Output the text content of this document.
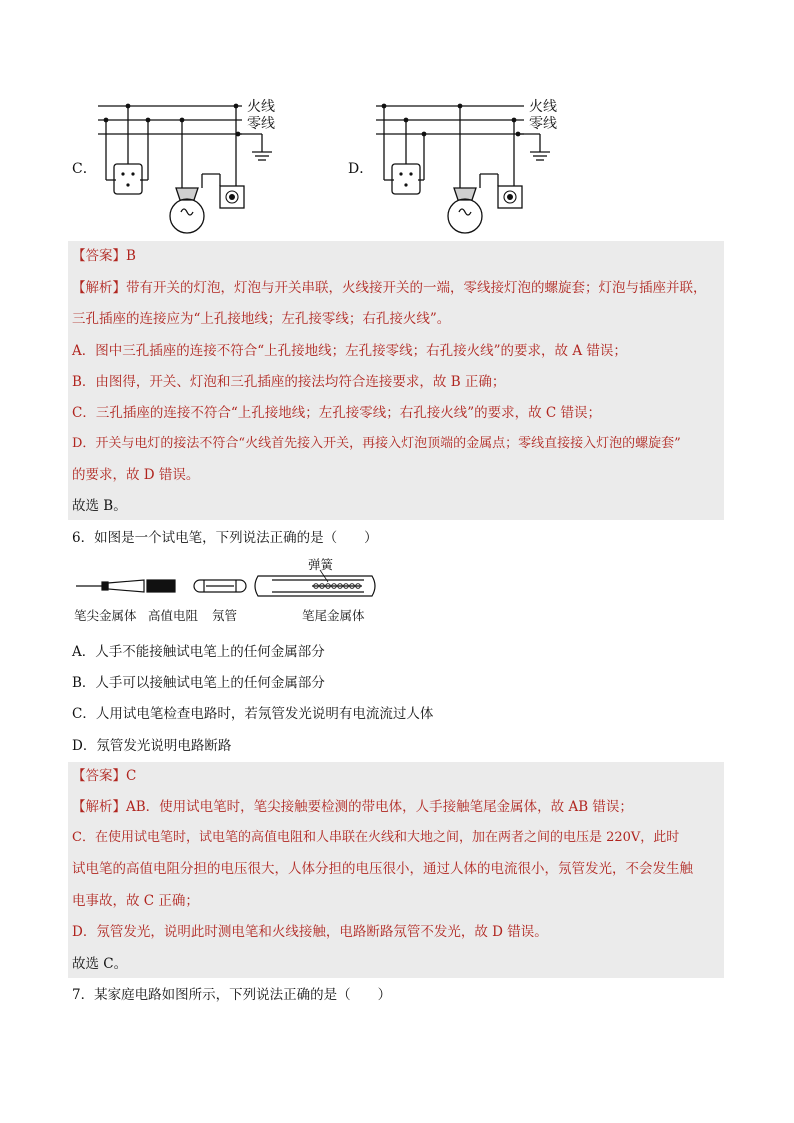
C．
火线
零线
D．
火线
零线
【答案】B
【解析】带有开关的灯泡，灯泡与开关串联，火线接开关的一端，零线接灯泡的螺旋套；灯泡与插座并联，
三孔插座的连接应为“上孔接地线；左孔接零线；右孔接火线”。
A．图中三孔插座的连接不符合“上孔接地线；左孔接零线；右孔接火线”的要求，故 A 错误；
B．由图得，开关、灯泡和三孔插座的接法均符合连接要求，故 B 正确；
C．三孔插座的连接不符合“上孔接地线；左孔接零线；右孔接火线”的要求，故 C 错误；
D．开关与电灯的接法不符合“火线首先接入开关，再接入灯泡顶端的金属点；零线直接接入灯泡的螺旋套”
的要求，故 D 错误。
故选 B。
6．如图是一个试电笔，下列说法正确的是（　　）
弹簧
笔尖金属体 高值电阻 氖管	笔尾金属体
A．人手不能接触试电笔上的任何金属部分
B．人手可以接触试电笔上的任何金属部分
C．人用试电笔检查电路时，若氖管发光说明有电流流过人体
D．氖管发光说明电路断路
【答案】C
【解析】AB．使用试电笔时，笔尖接触要检测的带电体，人手接触笔尾金属体，故 AB 错误；
C．在使用试电笔时，试电笔的高值电阻和人串联在火线和大地之间，加在两者之间的电压是 220V，此时
试电笔的高值电阻分担的电压很大，人体分担的电压很小，通过人体的电流很小，氖管发光，不会发生触
电事故，故 C 正确；
D．氖管发光，说明此时测电笔和火线接触，电路断路氖管不发光，故 D 错误。
故选 C。
7．某家庭电路如图所示，下列说法正确的是（　　）
